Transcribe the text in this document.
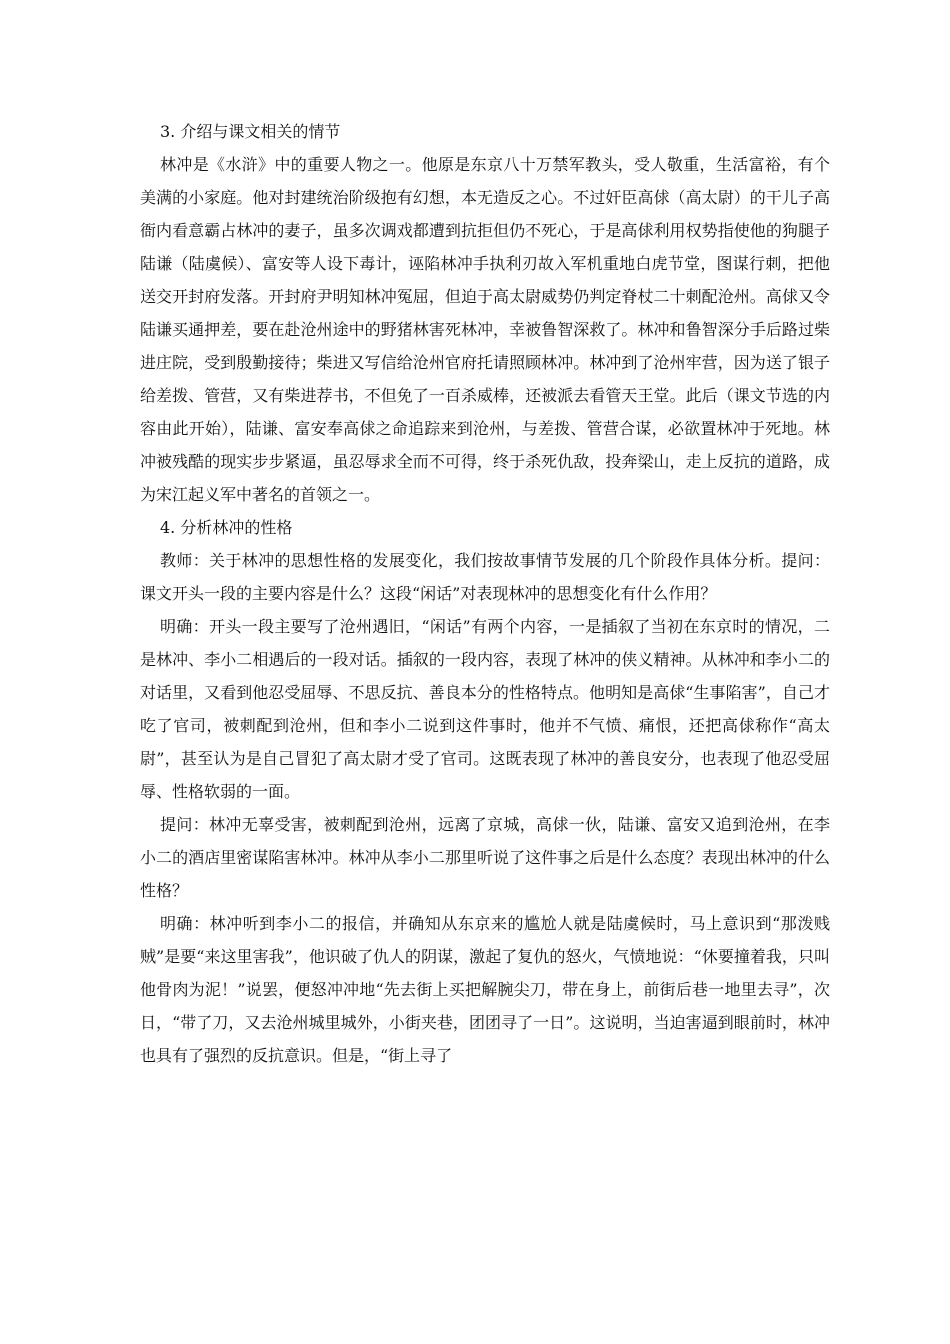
3. 介绍与课文相关的情节

林冲是《水浒》中的重要人物之一。他原是东京八十万禁军教头，受人敬重，生活富裕，有个美满的小家庭。他对封建统治阶级抱有幻想，本无造反之心。不过奸臣高俅（高太尉）的干儿子高衙内看意霸占林冲的妻子，虽多次调戏都遭到抗拒但仍不死心，于是高俅利用权势指使他的狗腿子陆谦（陆虞候）、富安等人设下毒计，诬陷林冲手执利刃故入军机重地白虎节堂，图谋行刺，把他送交开封府发落。开封府尹明知林冲冤屈，但迫于高太尉威势仍判定脊杖二十刺配沧州。高俅又令陆谦买通押差，要在赴沧州途中的野猪林害死林冲，幸被鲁智深救了。林冲和鲁智深分手后路过柴进庄院，受到殷勤接待；柴进又写信给沧州官府托请照顾林冲。林冲到了沧州牢营，因为送了银子给差拨、管营，又有柴进荐书，不但免了一百杀威棒，还被派去看管天王堂。此后（课文节选的内容由此开始），陆谦、富安奉高俅之命追踪来到沧州，与差拨、管营合谋，必欲置林冲于死地。林冲被残酷的现实步步紧逼，虽忍辱求全而不可得，终于杀死仇敌，投奔梁山，走上反抗的道路，成为宋江起义军中著名的首领之一。

4. 分析林冲的性格

教师：关于林冲的思想性格的发展变化，我们按故事情节发展的几个阶段作具体分析。提问：课文开头一段的主要内容是什么？这段“闲话”对表现林冲的思想变化有什么作用？

明确：开头一段主要写了沧州遇旧，“闲话”有两个内容，一是插叙了当初在东京时的情况，二是林冲、李小二相遇后的一段对话。插叙的一段内容，表现了林冲的侠义精神。从林冲和李小二的对话里，又看到他忍受屈辱、不思反抗、善良本分的性格特点。他明知是高俅“生事陷害”，自己才吃了官司，被刺配到沧州，但和李小二说到这件事时，他并不气愤、痛恨，还把高俅称作“高太尉”，甚至认为是自己冒犯了高太尉才受了官司。这既表现了林冲的善良安分，也表现了他忍受屈辱、性格软弱的一面。

提问：林冲无辜受害，被刺配到沧州，远离了京城，高俅一伙，陆谦、富安又追到沧州，在李小二的酒店里密谋陷害林冲。林冲从李小二那里听说了这件事之后是什么态度？表现出林冲的什么性格？

明确：林冲听到李小二的报信，并确知从东京来的尴尬人就是陆虞候时，马上意识到“那泼贱贼”是要“来这里害我”，他识破了仇人的阴谋，激起了复仇的怒火，气愤地说：“休要撞着我，只叫他骨肉为泥！”说罢，便怒冲冲地“先去街上买把解腕尖刀，带在身上，前街后巷一地里去寻”，次日，“带了刀，又去沧州城里城外，小街夹巷，团团寻了一日”。这说明，当迫害逼到眼前时，林冲也具有了强烈的反抗意识。但是，“街上寻了
